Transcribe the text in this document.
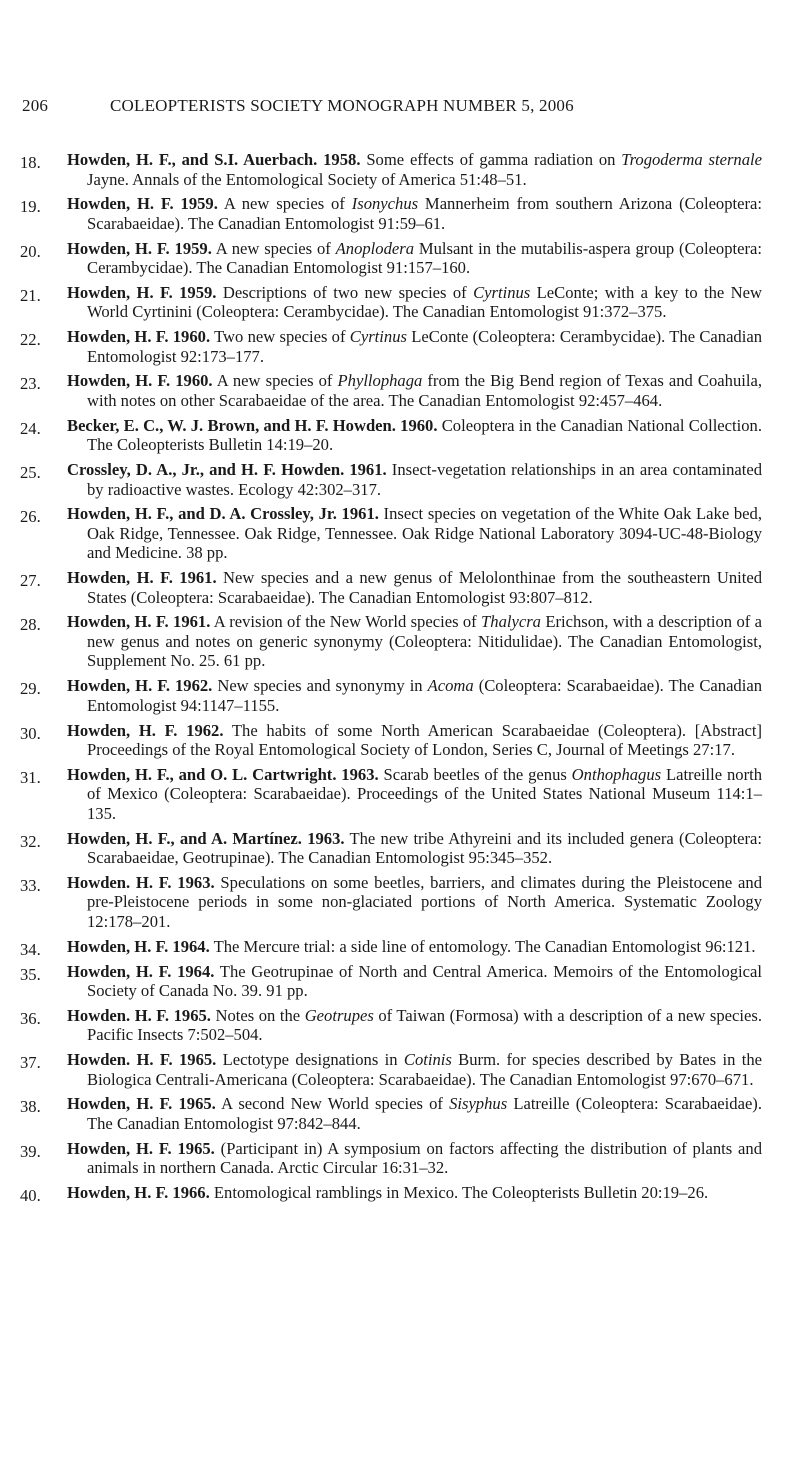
206	COLEOPTERISTS SOCIETY MONOGRAPH NUMBER 5, 2006
18.	Howden, H. F., and S.I. Auerbach. 1958. Some effects of gamma radiation on Trogoderma sternale Jayne. Annals of the Entomological Society of America 51:48–51.
19.	Howden, H. F. 1959. A new species of Isonychus Mannerheim from southern Arizona (Coleoptera: Scarabaeidae). The Canadian Entomologist 91:59–61.
20.	Howden, H. F. 1959. A new species of Anoplodera Mulsant in the mutabilis-aspera group (Coleoptera: Cerambycidae). The Canadian Entomologist 91:157–160.
21.	Howden, H. F. 1959. Descriptions of two new species of Cyrtinus LeConte; with a key to the New World Cyrtinini (Coleoptera: Cerambycidae). The Canadian Entomologist 91:372–375.
22.	Howden, H. F. 1960. Two new species of Cyrtinus LeConte (Coleoptera: Cerambycidae). The Canadian Entomologist 92:173–177.
23.	Howden, H. F. 1960. A new species of Phyllophaga from the Big Bend region of Texas and Coahuila, with notes on other Scarabaeidae of the area. The Canadian Entomologist 92:457–464.
24.	Becker, E. C., W. J. Brown, and H. F. Howden. 1960. Coleoptera in the Canadian National Collection. The Coleopterists Bulletin 14:19–20.
25.	Crossley, D. A., Jr., and H. F. Howden. 1961. Insect-vegetation relationships in an area contaminated by radioactive wastes. Ecology 42:302–317.
26.	Howden, H. F., and D. A. Crossley, Jr. 1961. Insect species on vegetation of the White Oak Lake bed, Oak Ridge, Tennessee. Oak Ridge, Tennessee. Oak Ridge National Laboratory 3094-UC-48-Biology and Medicine. 38 pp.
27.	Howden, H. F. 1961. New species and a new genus of Melolonthinae from the southeastern United States (Coleoptera: Scarabaeidae). The Canadian Entomologist 93:807–812.
28.	Howden, H. F. 1961. A revision of the New World species of Thalycra Erichson, with a description of a new genus and notes on generic synonymy (Coleoptera: Nitidulidae). The Canadian Entomologist, Supplement No. 25. 61 pp.
29.	Howden, H. F. 1962. New species and synonymy in Acoma (Coleoptera: Scarabaeidae). The Canadian Entomologist 94:1147–1155.
30.	Howden, H. F. 1962. The habits of some North American Scarabaeidae (Coleoptera). [Abstract] Proceedings of the Royal Entomological Society of London, Series C, Journal of Meetings 27:17.
31.	Howden, H. F., and O. L. Cartwright. 1963. Scarab beetles of the genus Onthophagus Latreille north of Mexico (Coleoptera: Scarabaeidae). Proceedings of the United States National Museum 114:1–135.
32.	Howden, H. F., and A. Martínez. 1963. The new tribe Athyreini and its included genera (Coleoptera: Scarabaeidae, Geotrupinae). The Canadian Entomologist 95:345–352.
33.	Howden. H. F. 1963. Speculations on some beetles, barriers, and climates during the Pleistocene and pre-Pleistocene periods in some non-glaciated portions of North America. Systematic Zoology 12:178–201.
34.	Howden, H. F. 1964. The Mercure trial: a side line of entomology. The Canadian Entomologist 96:121.
35.	Howden, H. F. 1964. The Geotrupinae of North and Central America. Memoirs of the Entomological Society of Canada No. 39. 91 pp.
36.	Howden. H. F. 1965. Notes on the Geotrupes of Taiwan (Formosa) with a description of a new species. Pacific Insects 7:502–504.
37.	Howden. H. F. 1965. Lectotype designations in Cotinis Burm. for species described by Bates in the Biologica Centrali-Americana (Coleoptera: Scarabaeidae). The Canadian Entomologist 97:670–671.
38.	Howden, H. F. 1965. A second New World species of Sisyphus Latreille (Coleoptera: Scarabaeidae). The Canadian Entomologist 97:842–844.
39.	Howden, H. F. 1965. (Participant in) A symposium on factors affecting the distribution of plants and animals in northern Canada. Arctic Circular 16:31–32.
40.	Howden, H. F. 1966. Entomological ramblings in Mexico. The Coleopterists Bulletin 20:19–26.
